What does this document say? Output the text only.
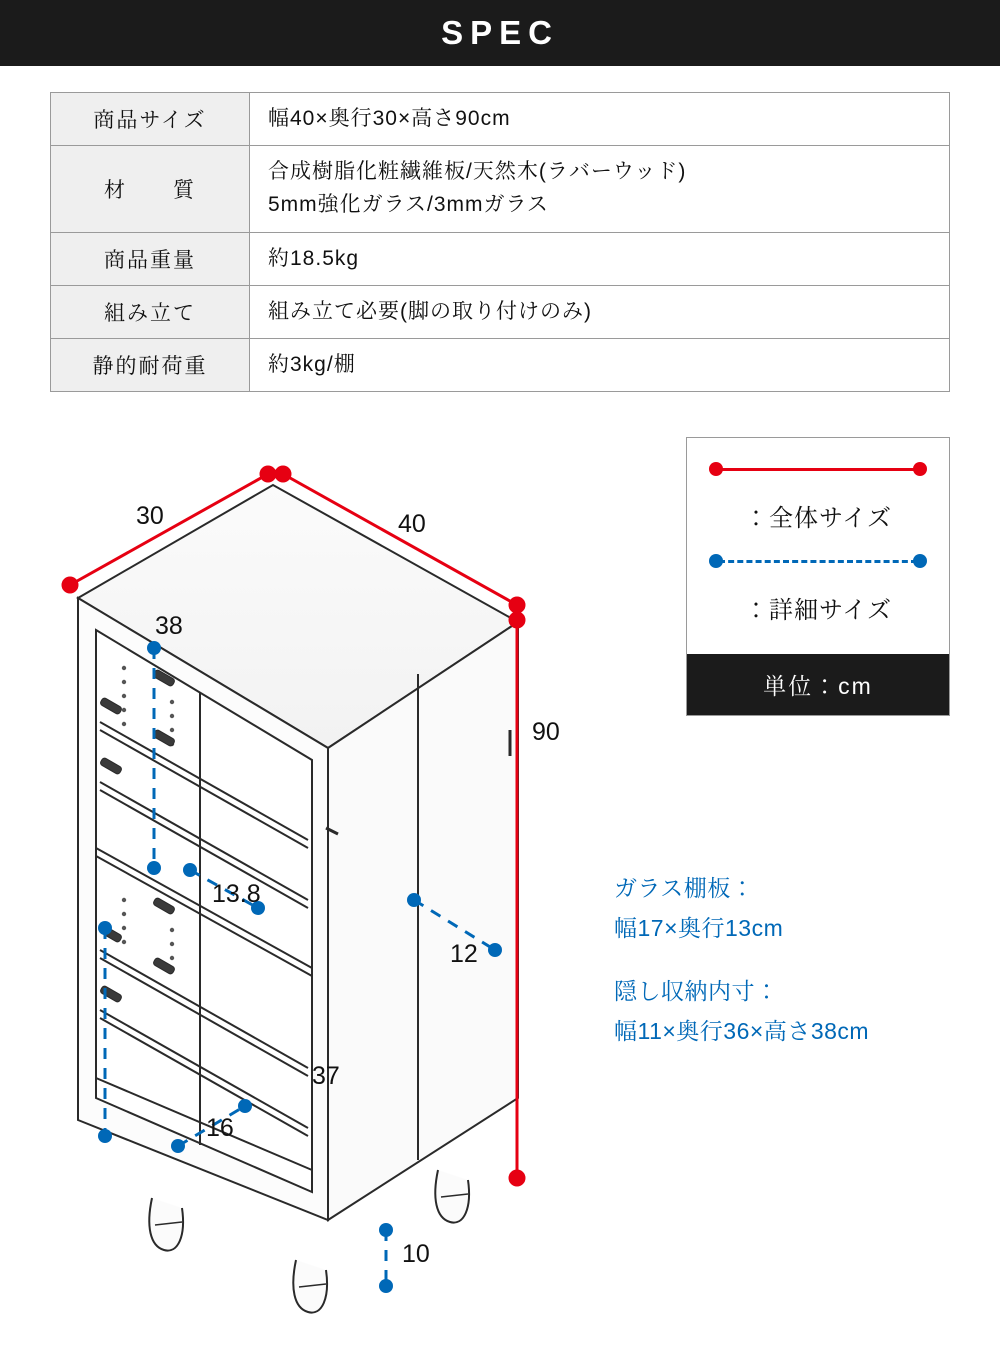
SPEC
商品サイズ	幅40×奥行30×高さ90cm
材　　質	合成樹脂化粧繊維板/天然木(ラバーウッド)
5mm強化ガラス/3mmガラス

商品重量	約18.5kg
組み立て	組み立て必要(脚の取り付けのみ)
静的耐荷重	約3kg/棚
：全体サイズ
：詳細サイズ
単位：cm
ガラス棚板：
幅17×奥行13cm
隠し収納内寸：
幅11×奥行36×高さ38cm
30	40
90
38
13.8
12
37
16
10
